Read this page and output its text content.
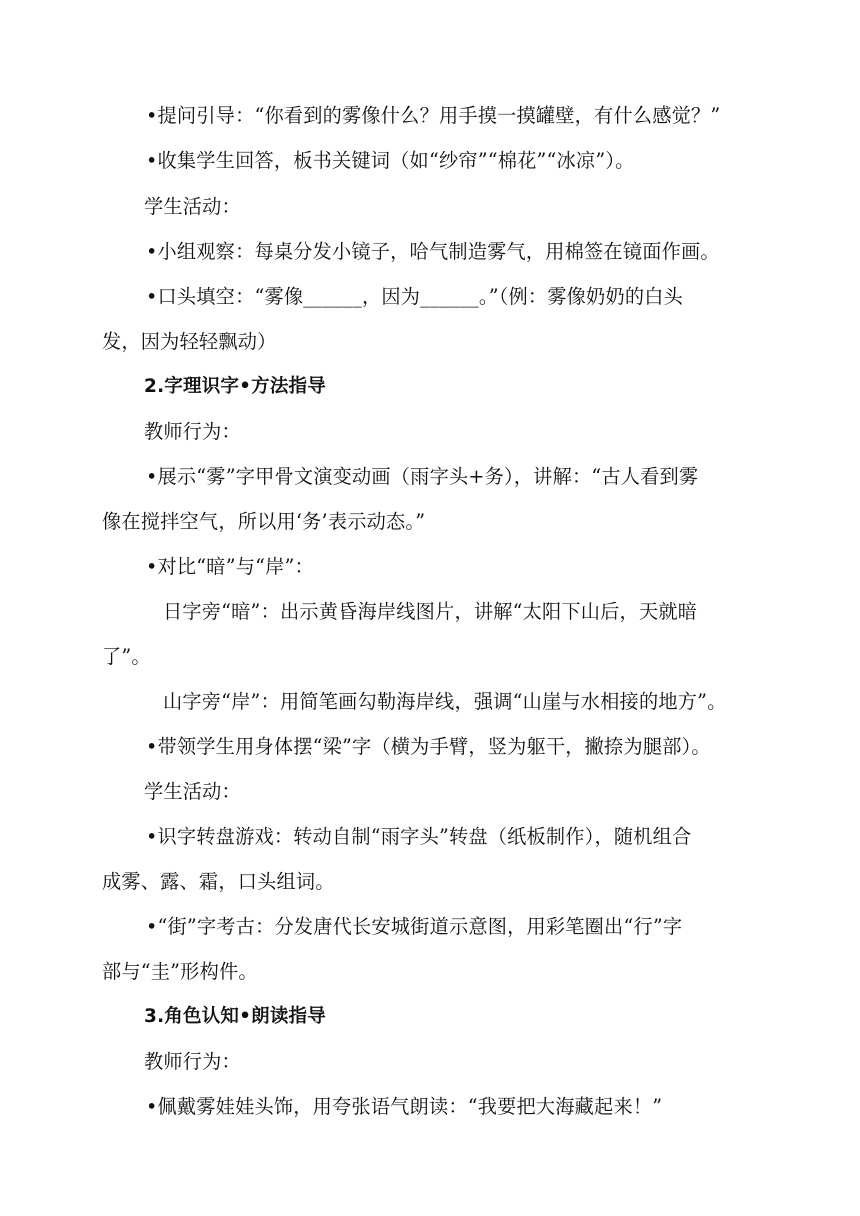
•提问引导：“你看到的雾像什么？用手摸一摸罐壁，有什么感觉？”
•收集学生回答，板书关键词（如“纱帘”“棉花”“冰凉”）。
学生活动：
•小组观察：每桌分发小镜子，哈气制造雾气，用棉签在镜面作画。
•口头填空：“雾像______，因为______。”（例：雾像奶奶的白头
发，因为轻轻飘动）
2.字理识字•方法指导
教师行为：
•展示“雾”字甲骨文演变动画（雨字头+务），讲解：“古人看到雾
像在搅拌空气，所以用‘务’表示动态。”
•对比“暗”与“岸”：
日字旁“暗”：出示黄昏海岸线图片，讲解“太阳下山后，天就暗
了”。
山字旁“岸”：用简笔画勾勒海岸线，强调“山崖与水相接的地方”。
•带领学生用身体摆“梁”字（横为手臂，竖为躯干，撇捺为腿部）。
学生活动：
•识字转盘游戏：转动自制“雨字头”转盘（纸板制作），随机组合
成雾、露、霜，口头组词。
•“街”字考古：分发唐代长安城街道示意图，用彩笔圈出“行”字
部与“圭”形构件。
3.角色认知•朗读指导
教师行为：
•佩戴雾娃娃头饰，用夸张语气朗读：“我要把大海藏起来！”
